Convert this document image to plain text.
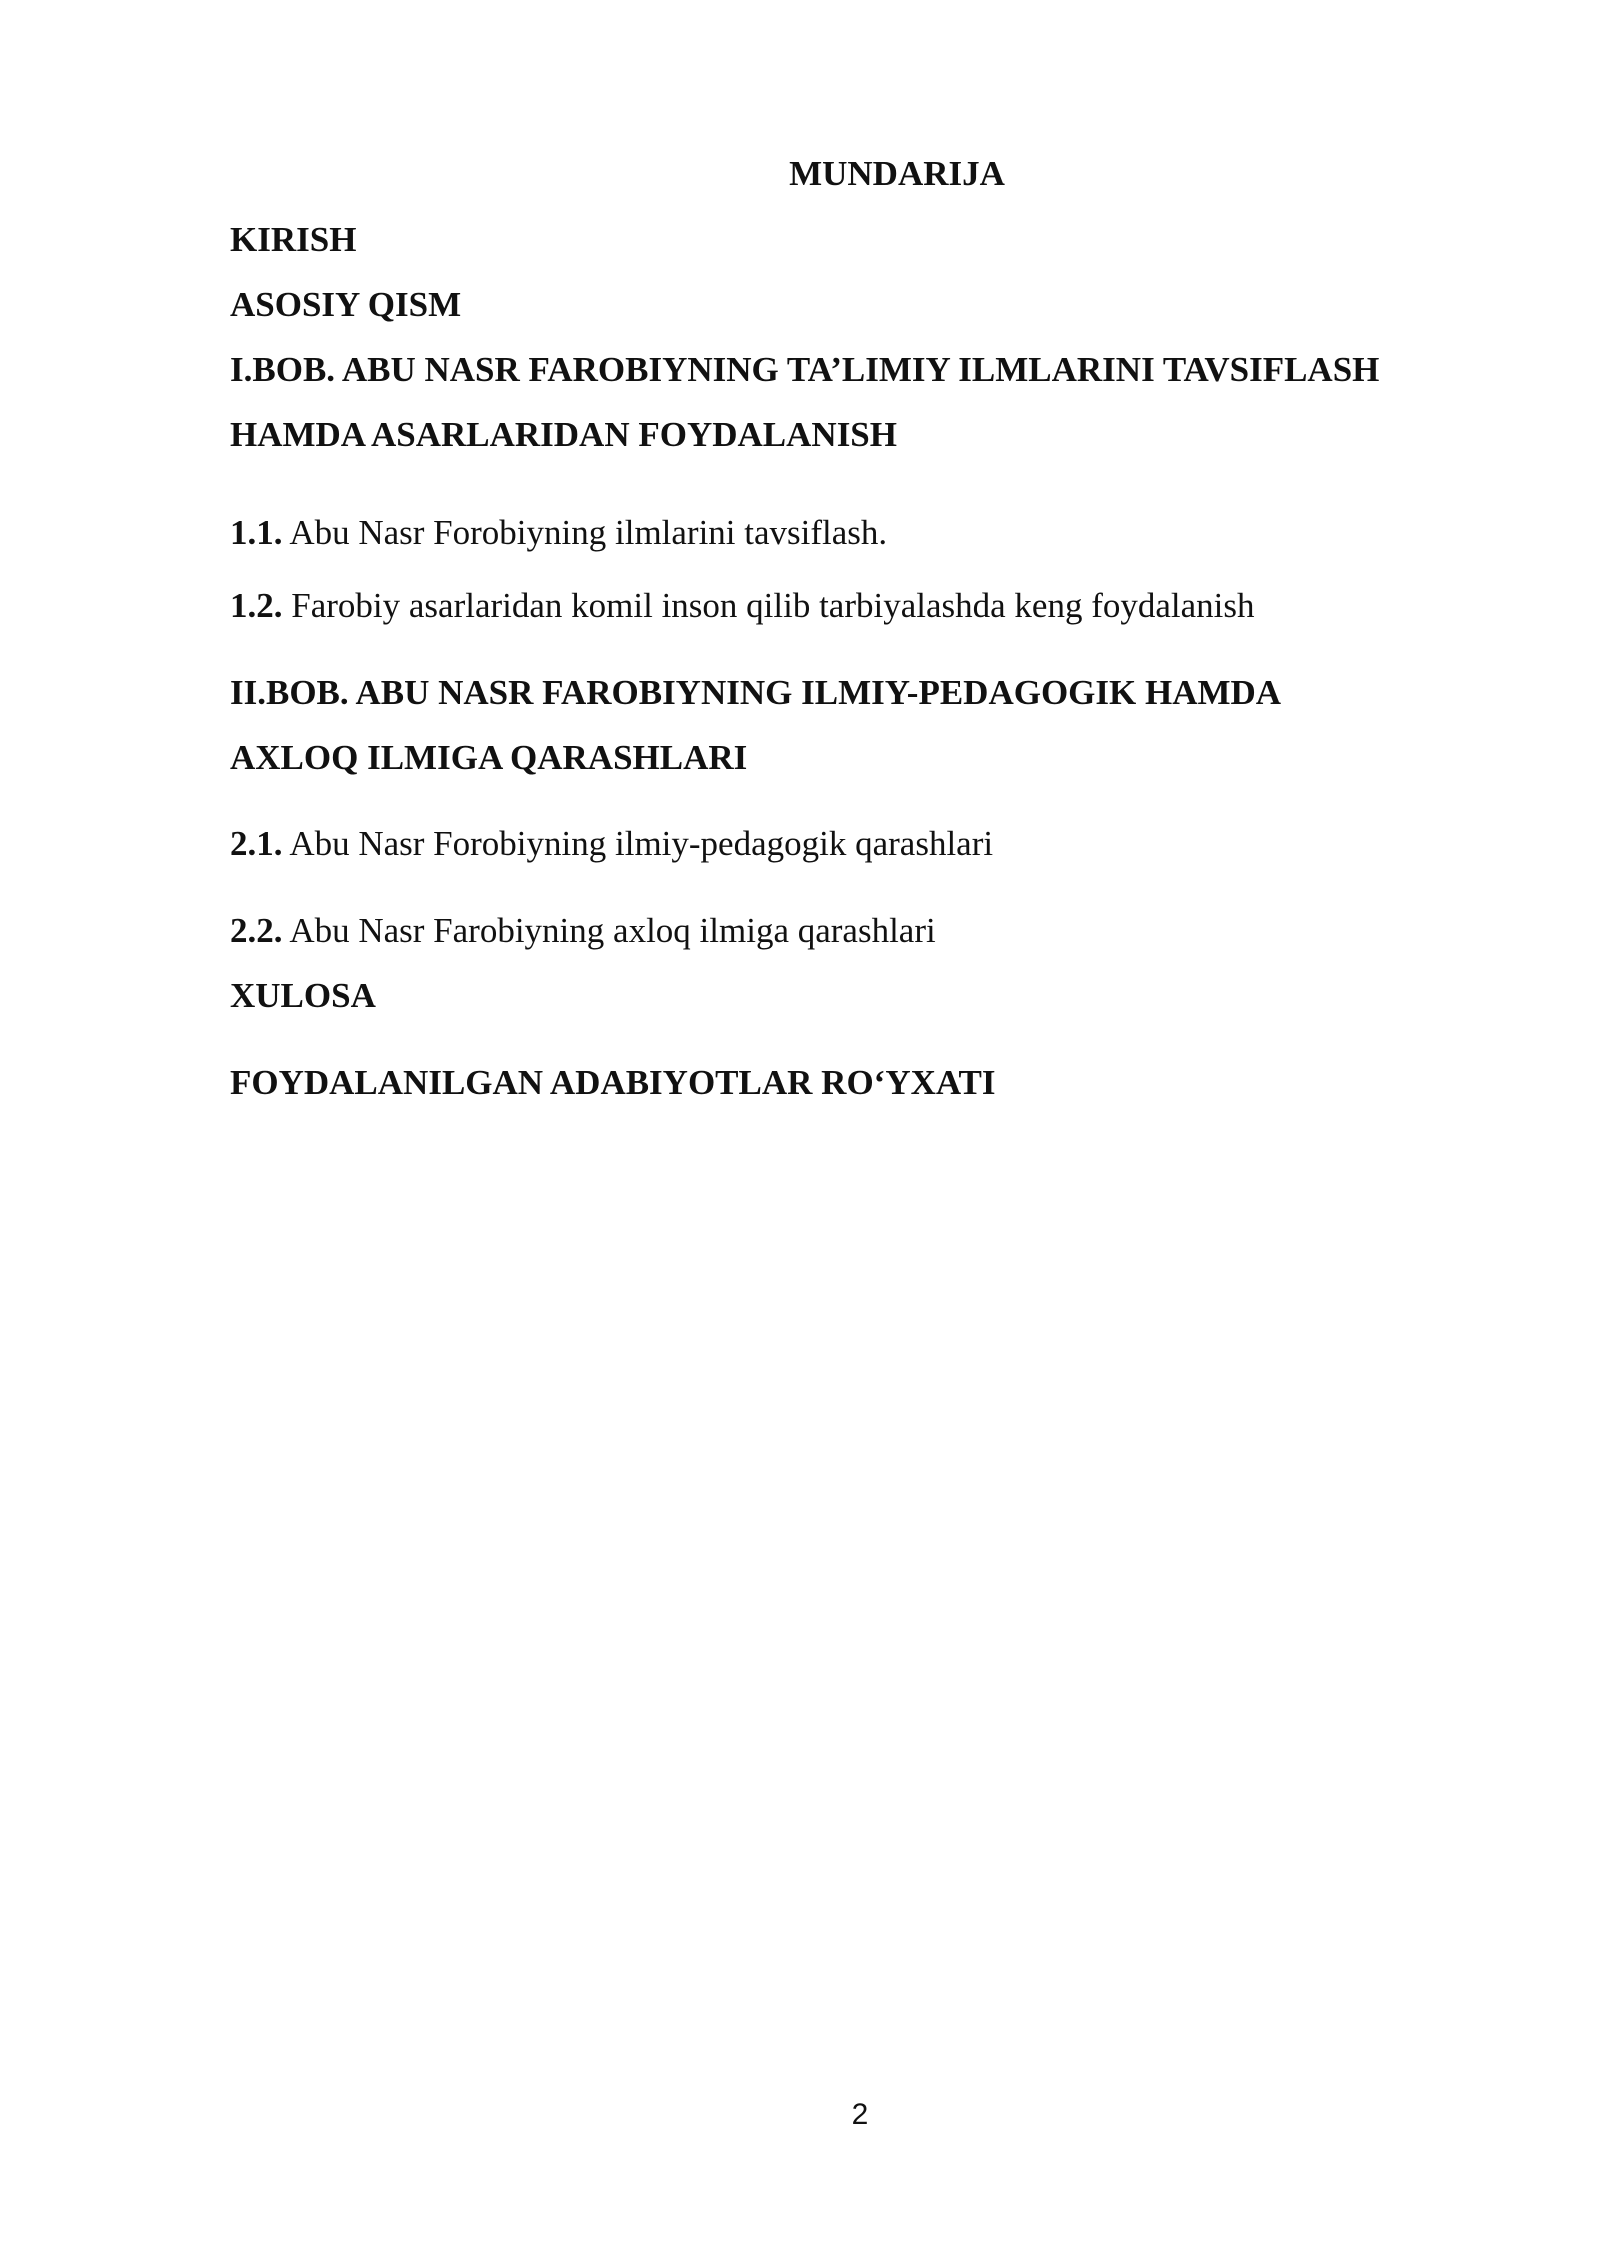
MUNDARIJA
KIRISH
ASOSIY QISM
I.BOB. ABU NASR FAROBIYNING TA’LIMIY ILMLARINI TAVSIFLASH
HAMDA ASARLARIDAN FOYDALANISH
1.1. Abu Nasr Forobiyning ilmlarini tavsiflash.
1.2. Farobiy asarlaridan komil inson qilib tarbiyalashda keng foydalanish
II.BOB. ABU NASR FAROBIYNING ILMIY-PEDAGOGIK HAMDA
AXLOQ ILMIGA QARASHLARI
2.1. Abu Nasr Forobiyning ilmiy-pedagogik qarashlari
2.2. Abu Nasr Farobiyning axloq ilmiga qarashlari
XULOSA
FOYDALANILGAN ADABIYOTLAR RO‘YXATI
2
